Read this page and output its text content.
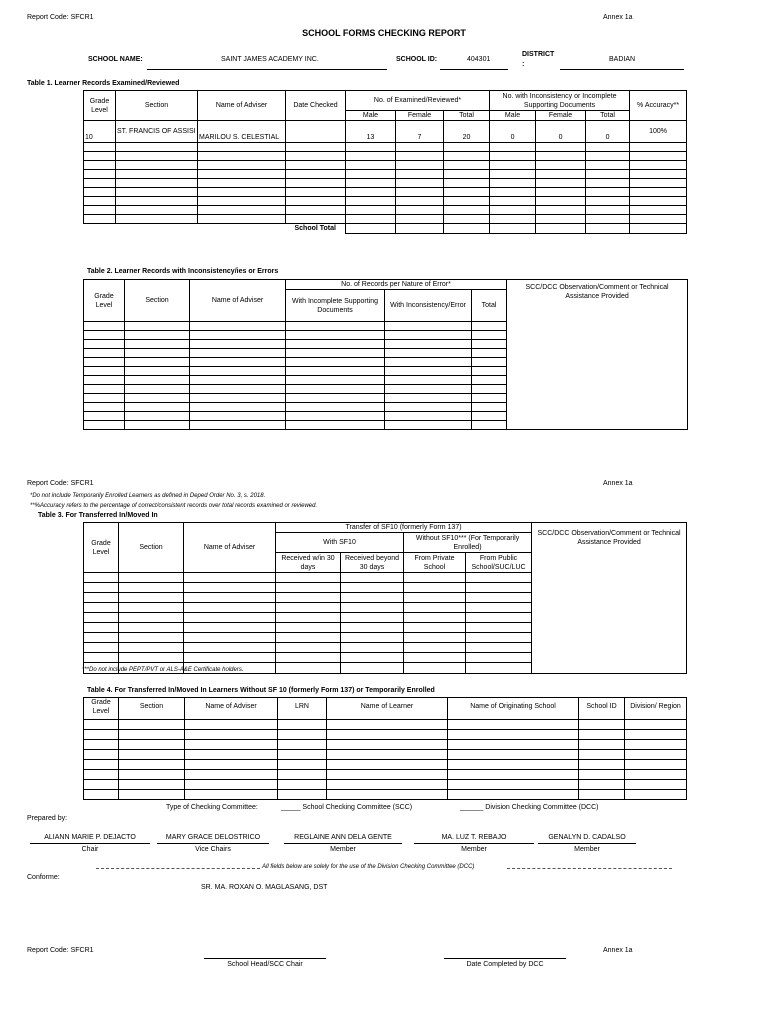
Report Code: SFCR1	Annex 1a
SCHOOL FORMS CHECKING REPORT
SCHOOL NAME:	SAINT JAMES ACADEMY INC.	SCHOOL ID:	404301
DISTRICT
:
BADIAN
Table 1. Learner Records Examined/Reviewed
Grade Level	Section	Name of Adviser	Date Checked	No. of Examined/Reviewed*			No. with Inconsistency or Incomplete Supporting Documents			% Accuracy**
				Male	Female	Total	Male	Female	Total	
10	ST. FRANCIS OF ASSISI	MARILOU S. CELESTIAL		13	7	20	0	0	0	100%

			School Total							
Table 2. Learner Records with Inconsistency/ies or Errors
Grade Level	Section	Name of Adviser	No. of Records per Nature of Error*			SCC/DCC Observation/Comment or Technical Assistance Provided
			With Incomplete Supporting Documents	With Inconsistency/Error	Total	

Report Code: SFCR1	Annex 1a
*Do not include Temporarily Enrolled Learners as defined in Deped Order No. 3, s. 2018.
**%Accuracy refers to the percentage of correct/consistent records over total records examined or reviewed.
Table 3. For Transferred In/Moved In
Grade Level	Section	Name of Adviser	Transfer of SF10 (formerly Form 137)				SCC/DCC Observation/Comment or Technical Assistance Provided
			With SF10		Without SF10*** (For Temporarily Enrolled)		
			Received w/in 30 days	Received beyond 30 days	From Private School	From Public School/SUC/LUC	

***Do not include PEPT/PVT or ALS-A&E Certificate holders.
Table 4. For Transferred In/Moved In Learners Without SF 10 (formerly Form 137) or Temporarily Enrolled
Grade Level	Section	Name of Adviser	LRN	Name of Learner	Name of Originating School	School ID	Division/ Region

Type of Checking Committee:	_____ School Checking Committee (SCC)	______ Division Checking Committee (DCC)
Prepared by:
ALIANN MARIE P. DEJACTO
Chair
MARY GRACE DELOSTRICO
Vice Chairs
REGLAINE ANN DELA GENTE
Member
MA. LUZ T. REBAJO
Member
GENALYN D. CADALSO
Member
All fields below are solely for the use of the Division Checking Committee (DCC)
Conforme:
SR. MA. ROXAN O. MAGLASANG, DST
Report Code: SFCR1	Annex 1a
School Head/SCC Chair	Date Completed by DCC
